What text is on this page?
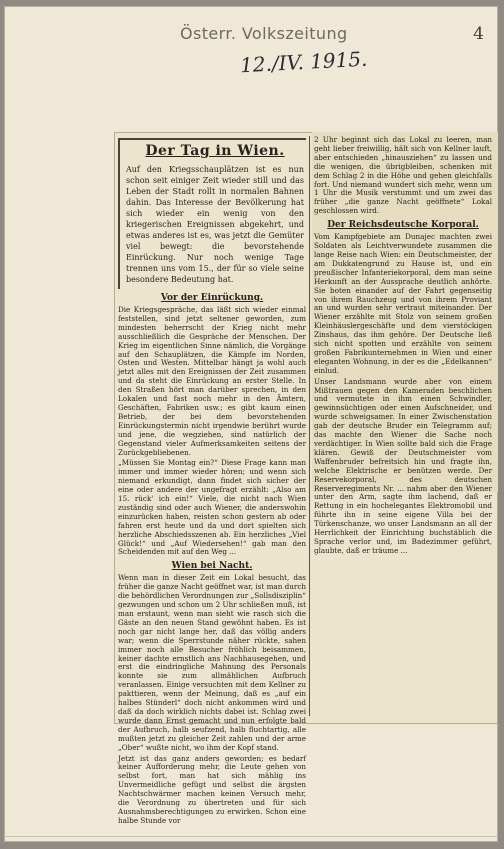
Österr. Volkszeitung	4
12./IV. 1915.
Der Tag in Wien.

Auf den Kriegsschauplätzen ist es nun schon seit einiger Zeit wieder still und das Leben der Stadt rollt in normalen Bahnen dahin. Das Interesse der Bevölkerung hat sich wieder ein wenig von den kriegerischen Ereignissen abgekehrt, und etwas anderes ist es, was jetzt die Gemüter viel bewegt: die bevorstehende Einrückung. Nur noch wenige Tage trennen uns vom 15., der für so viele seine besondere Bedeutung hat.

Vor der Einrückung.

Die Kriegsgespräche, das läßt sich wieder einmal feststellen, sind jetzt seltener geworden, zum mindesten beherrscht der Krieg nicht mehr ausschließlich die Gespräche der Menschen. Der Krieg im eigentlichen Sinne nämlich, die Vorgänge auf den Schauplätzen, die Kämpfe im Norden, Osten und Westen. Mittelbar hängt ja wohl auch jetzt alles mit den Ereignissen der Zeit zusammen und da steht die Einrückung an erster Stelle. In den Straßen hört man darüber sprechen, in den Lokalen und fast noch mehr in den Ämtern, Geschäften, Fabriken usw.; es gibt kaum einen Betrieb, der bei dem bevorstehenden Einrückungstermin nicht irgendwie berührt wurde und jene, die wegziehen, sind natürlich der Gegenstand vieler Aufmerksamkeiten seitens der Zurückgebliebenen.

„Müssen Sie Montag ein?“ Diese Frage kann man immer und immer wieder hören; und wenn sich niemand erkundigt, dann findet sich sicher der eine oder andere der ungefragt erzählt: „Also am 15. rück' ich ein!“ Viele, die nicht nach Wien zuständig sind oder auch Wiener, die anderswohin einzurücken haben, reisten schon gestern ab oder fahren erst heute und da und dort spielten sich herzliche Abschiedsszenen ab. Ein herzliches „Viel Glück!“ und „Auf Wiedersehen!“ gab man den Scheidenden mit auf den Weg ...

Wien bei Nacht.

Wenn man in dieser Zeit ein Lokal besucht, das früher die ganze Nacht geöffnet war, ist man durch die behördlichen Verordnungen zur „Sollsdisziplin“ gezwungen und schon um 2 Uhr schließen muß, ist man erstaunt, wenn man sieht wie rasch sich die Gäste an den neuen Stand gewöhnt haben. Es ist noch gar nicht lange her, daß das völlig anders war; wenn die Sperrstunde näher rückte, sahen immer noch alle Besucher fröhlich beisammen, keiner dachte ernstlich ans Nachhausegehen, und erst die eindringliche Mahnung des Personals konnte sie zum allmählichen Aufbruch veranlassen. Einige versuchten mit dem Kellner zu pakttieren, wenn der Meinung, daß es „auf ein halbes Stünderl“ doch nicht ankommen wird und daß da doch wirklich nichts dabei ist. Schlag zwei wurde dann Ernst gemacht und nun erfolgte bald der Aufbruch, halb seufzend, halb fluchtartig, alle mußten jetzt zu gleicher Zeit zahlen und der arme „Ober“ wußte nicht, wo ihm der Kopf stand.

Jetzt ist das ganz anders geworden; es bedarf keiner Aufforderung mehr, die Leute gehen von selbst fort, man hat sich mählig ins Unvermeidliche gefügt und selbst die ärgsten Nachtschwärmer machen keinen Versuch mehr, die Verordnung zu übertreten und für sich Ausnahmsberechtigungen zu erwirken. Schon eine halbe Stunde vor

2 Uhr beginnt sich das Lokal zu leeren, man geht lieber freiwillig, hält sich von Kellner lauft, aber entschieden „hinausziehen“ zu lassen und die wenigen, die übrigbleiben, schenken mit dem Schlag 2 in die Höhe und gehen gleichfalls fort. Und niemand wundert sich mehr, wenn um 1 Uhr die Musik verstummt und um zwei das früher „die ganze Nacht geöffnete“ Lokal geschlossen wird.

Der Reichsdeutsche Korporal.

Vom Kampfgebiete am Dunajec machten zwei Soldaten als Leichtverwundete zusammen die lange Reise nach Wien: ein Deutschmeister, der am Dukkatengrund zu Hause ist, und ein preußischer Infanteriekorporal, dem man seine Herkunft an der Aussprache deutlich anhörte. Sie boten einander auf der Fahrt gegenseitig von ihrem Rauchzeug und von ihrem Proviant an und wurden sehr vertraut miteinander. Der Wiener erzählte mit Stolz von seinem großen Kleinhäuslergeschäfte und dem vierstöckigen Zinshaus, das ihm gehöre. Der Deutsche ließ sich nicht spotten und erzählte von seinem großen Fabrikunternehmen in Wien und einer eleganten Wohnung, in der es die „Edelkannen“ einlud.

Unser Landsmann wurde aber von einem Mißtrauen gegen den Kameraden beschlichen und vermutete in ihm einen Schwindler, gewinnsüchtigen oder einen Aufschneider, und wurde schweigsamer. In einer Zwischenstation gab der deutsche Bruder ein Telegramm auf; das machte den Wiener die Sache noch verdächtiger. In Wien sollte bald sich die Frage klären. Gewiß der Deutschmeister vom Waffenbruder befreitsich hin und fragte ihn, welche Elektrische er benützen werde. Der Reservekorporal, des deutschen Reserveregiments Nr. ... nahm aber den Wiener unter den Arm, sagte ihm lachend, daß er Rettung in ein hochelegantes Elektromobil und führte ihn in seine eigene Villa bei der Türkenschanze, wo unser Landsmann an all der Herrlichkeit der Einrichtung buchstäblich die Sprache verlor und, im Badezimmer geführt, glaubte, daß er träume ...
